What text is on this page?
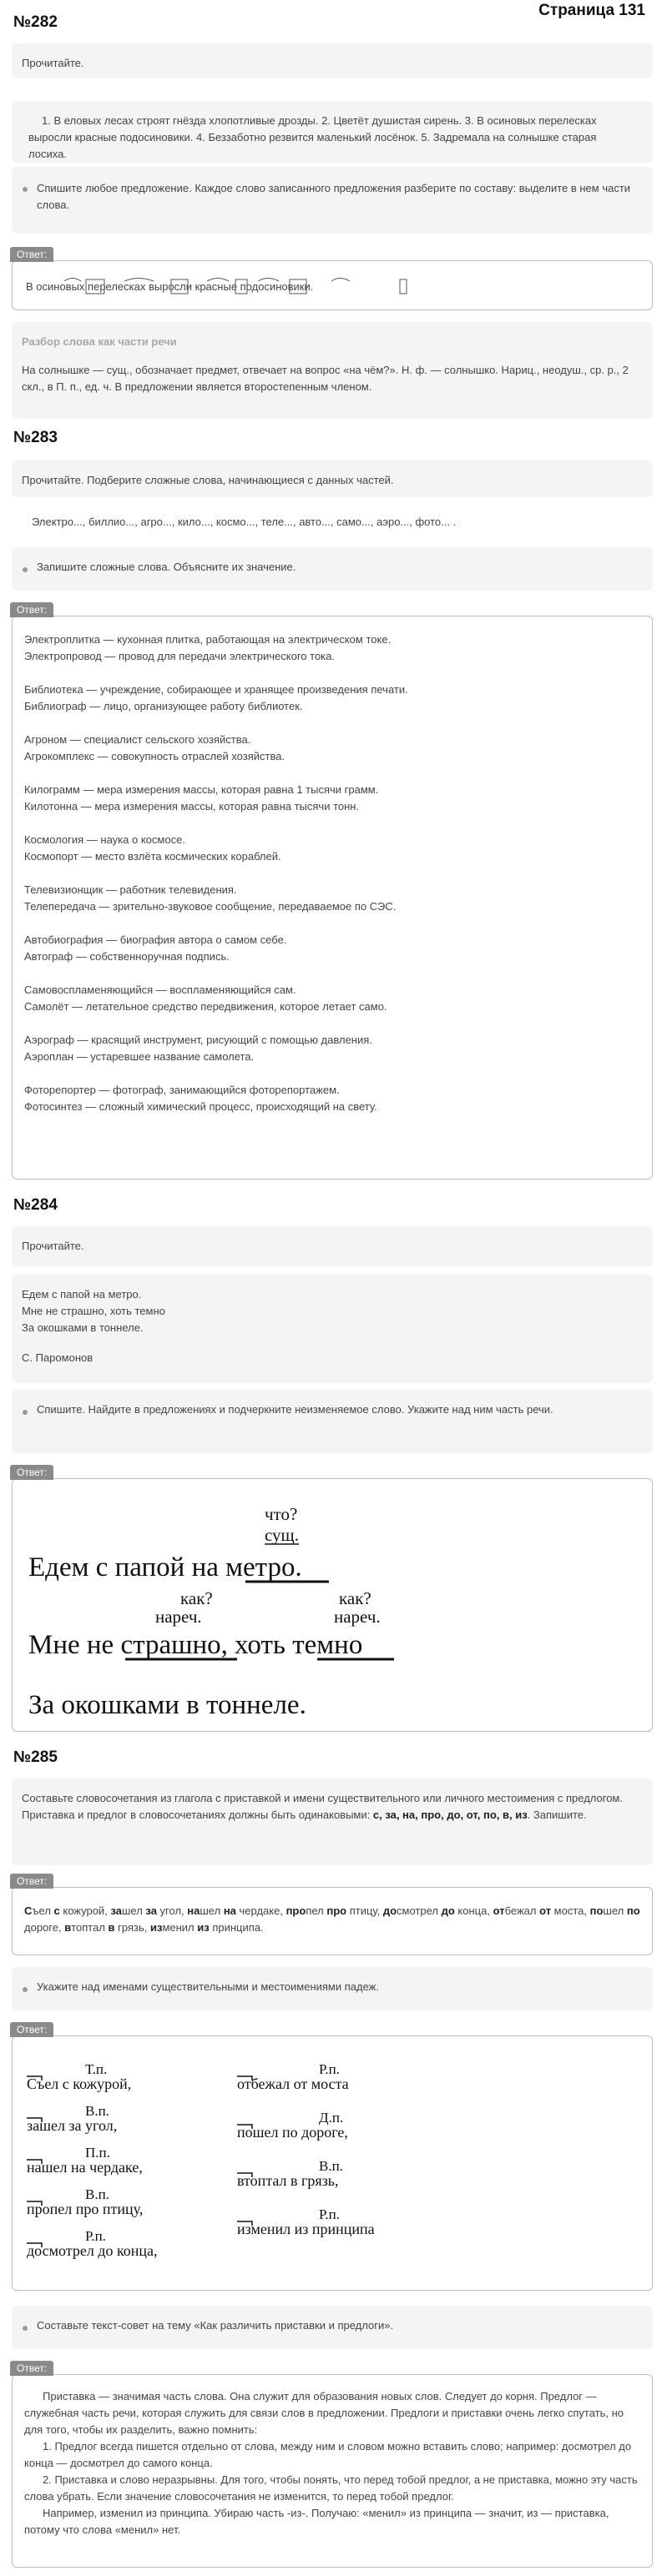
Страница 131
№282

Прочитайте.

1. В еловых лесах строят гнёзда хлопотливые дрозды. 2. Цветёт душистая сирень. 3. В осиновых перелесках выросли красные подосиновики. 4. Беззаботно резвится маленький лосёнок. 5. Задремала на солнышке старая лосиха.

Спишите любое предложение. Каждое слово записанного предложения разберите по составу: выделите в нем части слова.

Ответ:
В осиновых перелесках выросли красные подосиновики.
Разбор слова как части речи

На солнышке — сущ., обозначает предмет, отвечает на вопрос «на чём?». Н. ф. — солнышко. Нариц., неодуш., ср. р., 2 скл., в П. п., ед. ч. В предложении является второстепенным членом.

№283

Прочитайте. Подберите сложные слова, начинающиеся с данных частей.

Электро..., биллио..., агро..., кило..., космо..., теле..., авто..., само..., аэро..., фото... .

Запишите сложные слова. Объясните их значение.

Ответ:

Электроплитка — кухонная плитка, работающая на электрическом токе.

Электропровод — провод для передачи электрического тока.

Библиотека — учреждение, собирающее и хранящее произведения печати.

Библиограф — лицо, организующее работу библиотек.

Агроном — специалист сельского хозяйства.

Агрокомплекс — совокупность отраслей хозяйства.

Килограмм — мера измерения массы, которая равна 1 тысячи грамм.

Килотонна — мера измерения массы, которая равна тысячи тонн.

Космология — наука о космосе.

Космопорт — место взлёта космических кораблей.

Телевизионщик — работник телевидения.

Телепередача — зрительно-звуковое сообщение, передаваемое по СЭС.

Автобиография — биография автора о самом себе.

Автограф — собственноручная подпись.

Самовоспламеняющийся — воспламеняющийся сам.

Самолёт — летательное средство передвижения, которое летает само.

Аэрограф — красящий инструмент, рисующий с помощью давления.

Аэроплан — устаревшее название самолета.

Фоторепортер — фотограф, занимающийся фоторепортажем.

Фотосинтез — сложный химический процесс, происходящий на свету.

№284

Прочитайте.

Едем с папой на метро.

Мне не страшно, хоть темно

За окошками в тоннеле.

С. Паромонов

Спишите. Найдите в предложениях и подчеркните неизменяемое слово. Укажите над ним часть речи.

Ответ:
что?
сущ.
Едем с папой на метро.
как?
нареч.
как?
нареч.
Мне не страшно, хоть темно
За окошками в тоннеле.
№285

Составьте словосочетания из глагола с приставкой и имени существительного или личного местоимения с предлогом. Приставка и предлог в словосочетаниях должны быть одинаковыми: с, за, на, про, до, от, по, в, из. Запишите.

Ответ:

Съел с кожурой, зашел за угол, нашел на чердаке, пропел про птицу, досмотрел до конца, отбежал от моста, пошел по дороге, втоптал в грязь, изменил из принципа.

Укажите над именами существительными и местоимениями падеж.

Ответ:
Т.п.
Съел с кожурой,
В.п.
зашел за угол,
П.п.
нашел на чердаке,
В.п.
пропел про птицу,
Р.п.
досмотрел до конца,
Р.п.
отбежал от моста
Д.п.
пошел по дороге,
В.п.
втоптал в грязь,
Р.п.
изменил из принципа

Составьте текст-совет на тему «Как различить приставки и предлоги».

Ответ:

Приставка — значимая часть слова. Она служит для образования новых слов. Следует до корня. Предлог — служебная часть речи, которая служить для связи слов в предложении. Предлоги и приставки очень легко спутать, но для того, чтобы их разделить, важно помнить:

1. Предлог всегда пишется отдельно от слова, между ним и словом можно вставить слово; например: досмотрел до конца — досмотрел до самого конца.

2. Приставка и слово неразрывны. Для того, чтобы понять, что перед тобой предлог, а не приставка, можно эту часть слова убрать. Если значение словосочетания не изменится, то перед тобой предлог.

Например, изменил из принципа. Убираю часть -из-. Получаю: «менил» из принципа — значит, из — приставка, потому что слова «менил» нет.
